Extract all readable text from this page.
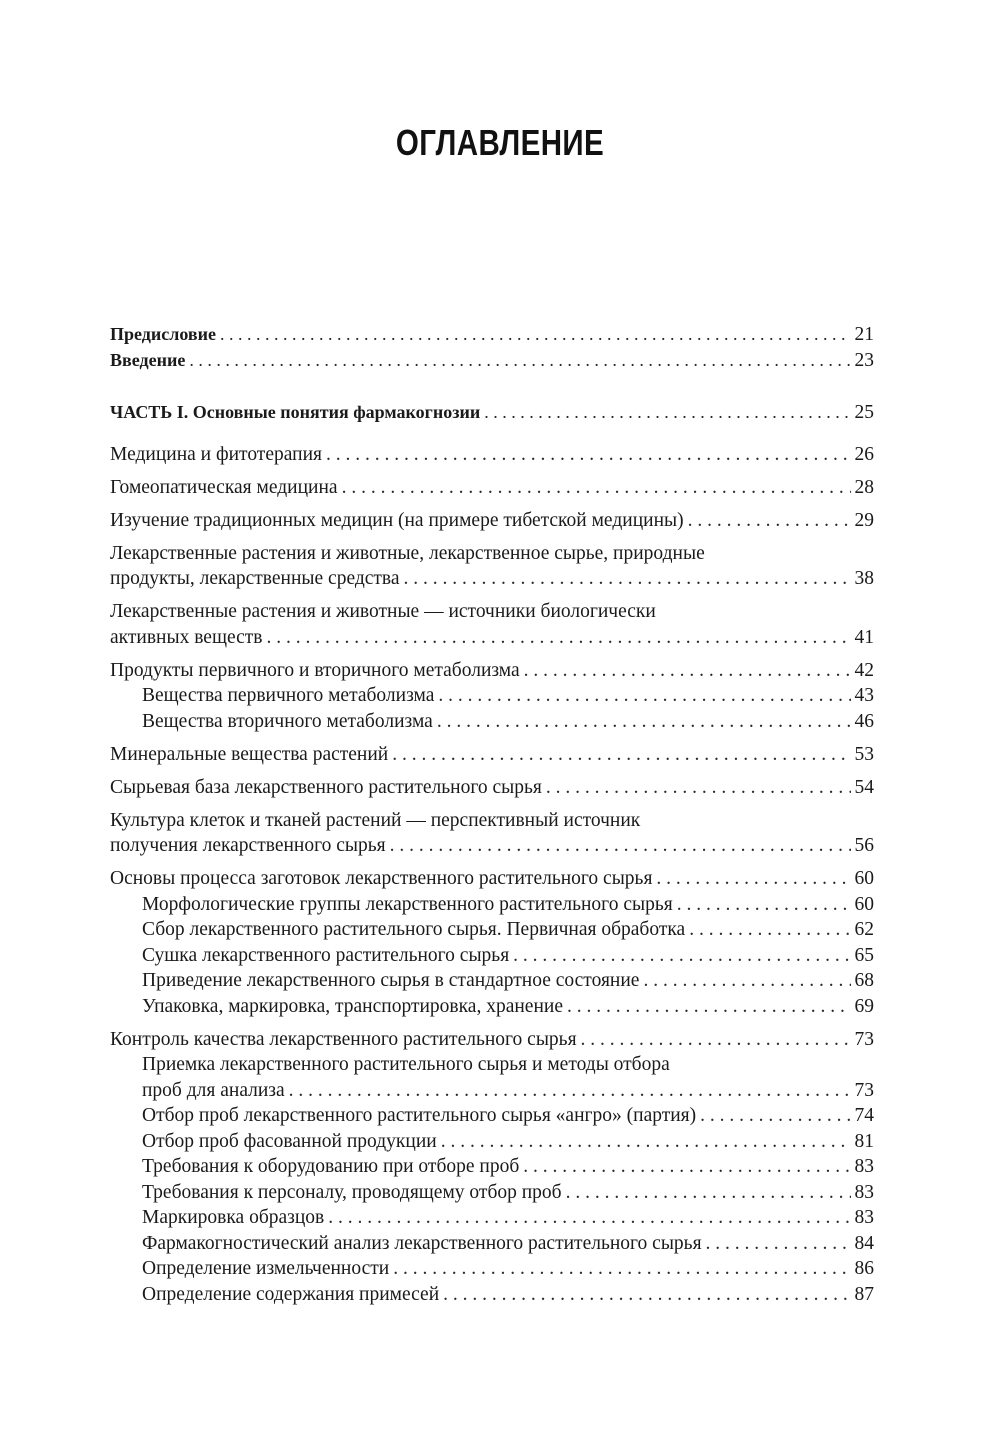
ОГЛАВЛЕНИЕ
Предисловие . . .	21
Введение . . .	23
ЧАСТЬ I. Основные понятия фармакогнозии . . .	25
Медицина и фитотерапия . . .	26
Гомеопатическая медицина . . .	28
Изучение традиционных медицин (на примере тибетской медицины) . . .	29
Лекарственные растения и животные, лекарственное сырье, природные
продукты, лекарственные средства . . .	38
Лекарственные растения и животные — источники биологически
активных веществ . . .	41
Продукты первичного и вторичного метаболизма . . .	42
Вещества первичного метаболизма . . .	43
Вещества вторичного метаболизма . . .	46
Минеральные вещества растений . . .	53
Сырьевая база лекарственного растительного сырья . . .	54
Культура клеток и тканей растений — перспективный источник
получения лекарственного сырья . . .	56
Основы процесса заготовок лекарственного растительного сырья . . .	60
Морфологические группы лекарственного растительного сырья . . .	60
Сбор лекарственного растительного сырья. Первичная обработка . . .	62
Сушка лекарственного растительного сырья . . .	65
Приведение лекарственного сырья в стандартное состояние . . .	68
Упаковка, маркировка, транспортировка, хранение . . .	69
Контроль качества лекарственного растительного сырья . . .	73
Приемка лекарственного растительного сырья и методы отбора
проб для анализа . . .	73
Отбор проб лекарственного растительного сырья «ангро» (партия) . . .	74
Отбор проб фасованной продукции . . .	81
Требования к оборудованию при отборе проб . . .	83
Требования к персоналу, проводящему отбор проб . . .	83
Маркировка образцов . . .	83
Фармакогностический анализ лекарственного растительного сырья . . .	84
Определение измельченности . . .	86
Определение содержания примесей . . .	87
